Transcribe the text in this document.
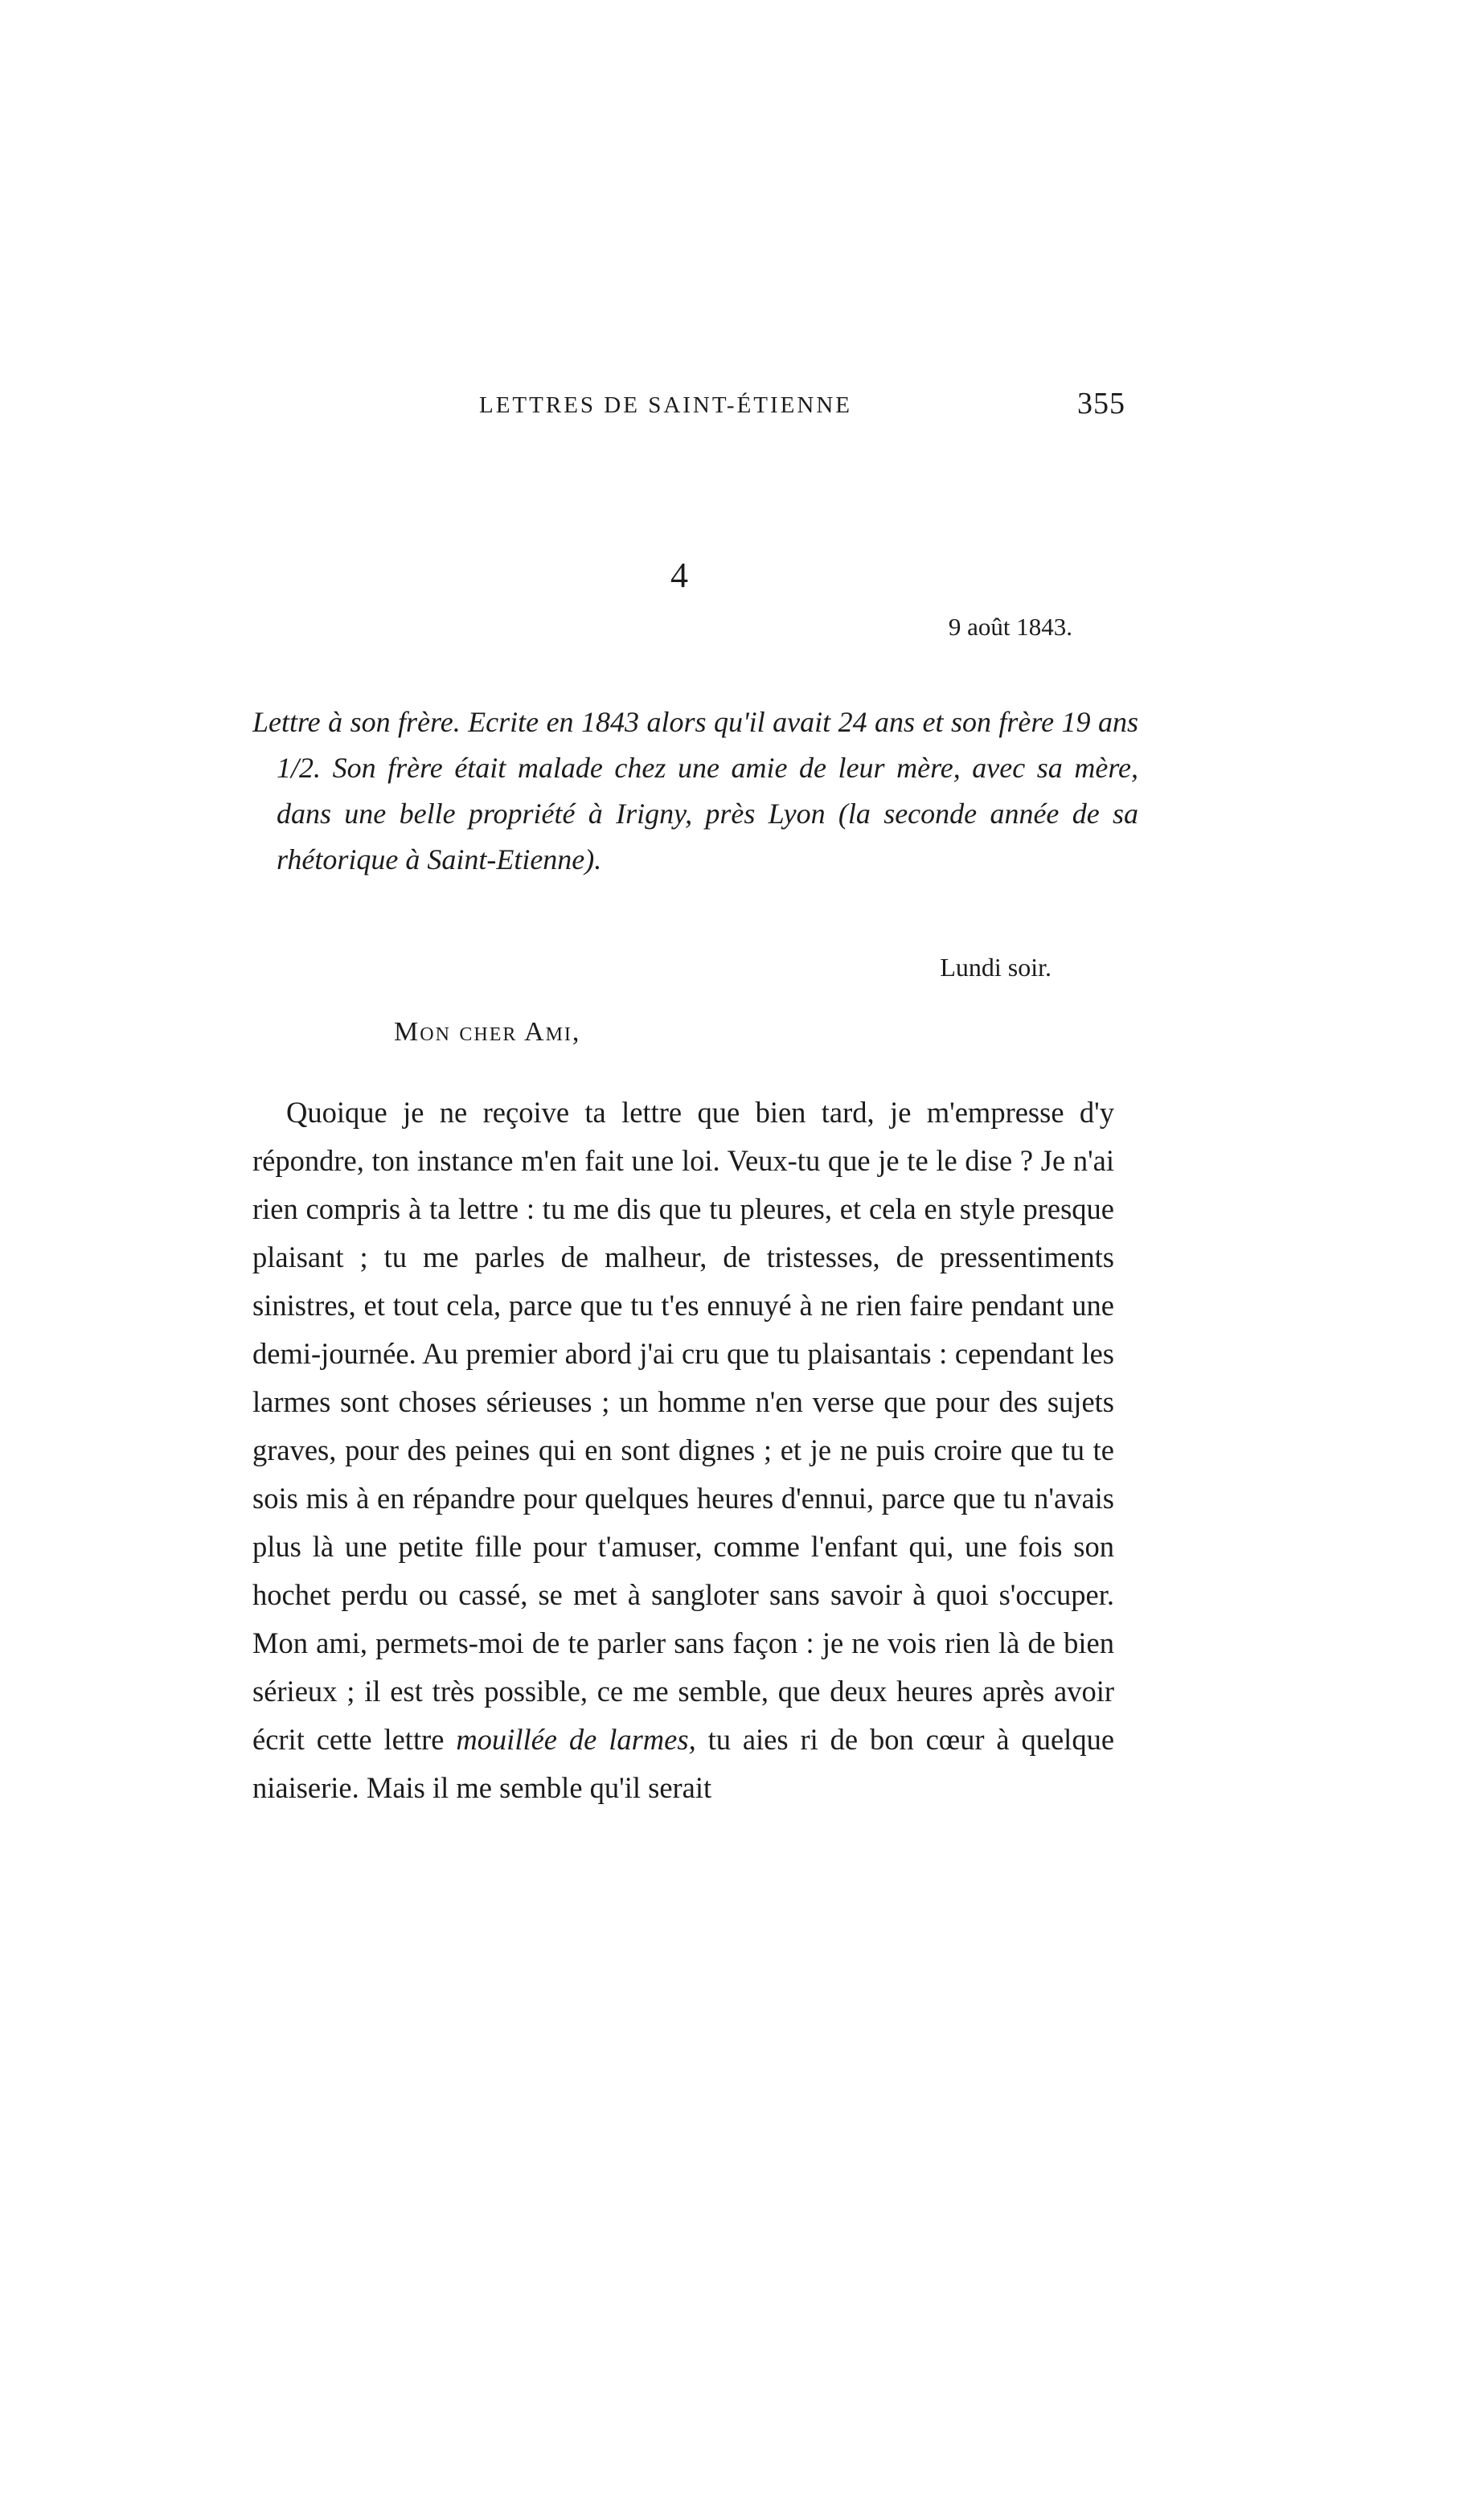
LETTRES DE SAINT-ÉTIENNE	355
4
9 août 1843.
Lettre à son frère. Ecrite en 1843 alors qu'il avait 24 ans et son frère 19 ans 1/2. Son frère était malade chez une amie de leur mère, avec sa mère, dans une belle propriété à Irigny, près Lyon (la seconde année de sa rhétorique à Saint-Etienne).
Lundi soir.
Mon cher Ami,

Quoique je ne reçoive ta lettre que bien tard, je m'empresse d'y répondre, ton instance m'en fait une loi. Veux-tu que je te le dise ? Je n'ai rien compris à ta lettre : tu me dis que tu pleures, et cela en style presque plaisant ; tu me parles de malheur, de tristesses, de pressentiments sinistres, et tout cela, parce que tu t'es ennuyé à ne rien faire pendant une demi-journée. Au premier abord j'ai cru que tu plaisantais : cependant les larmes sont choses sérieuses ; un homme n'en verse que pour des sujets graves, pour des peines qui en sont dignes ; et je ne puis croire que tu te sois mis à en répandre pour quelques heures d'ennui, parce que tu n'avais plus là une petite fille pour t'amuser, comme l'enfant qui, une fois son hochet perdu ou cassé, se met à sangloter sans savoir à quoi s'occuper. Mon ami, permets-moi de te parler sans façon : je ne vois rien là de bien sérieux ; il est très possible, ce me semble, que deux heures après avoir écrit cette lettre mouillée de larmes, tu aies ri de bon cœur à quelque niaiserie. Mais il me semble qu'il serait
